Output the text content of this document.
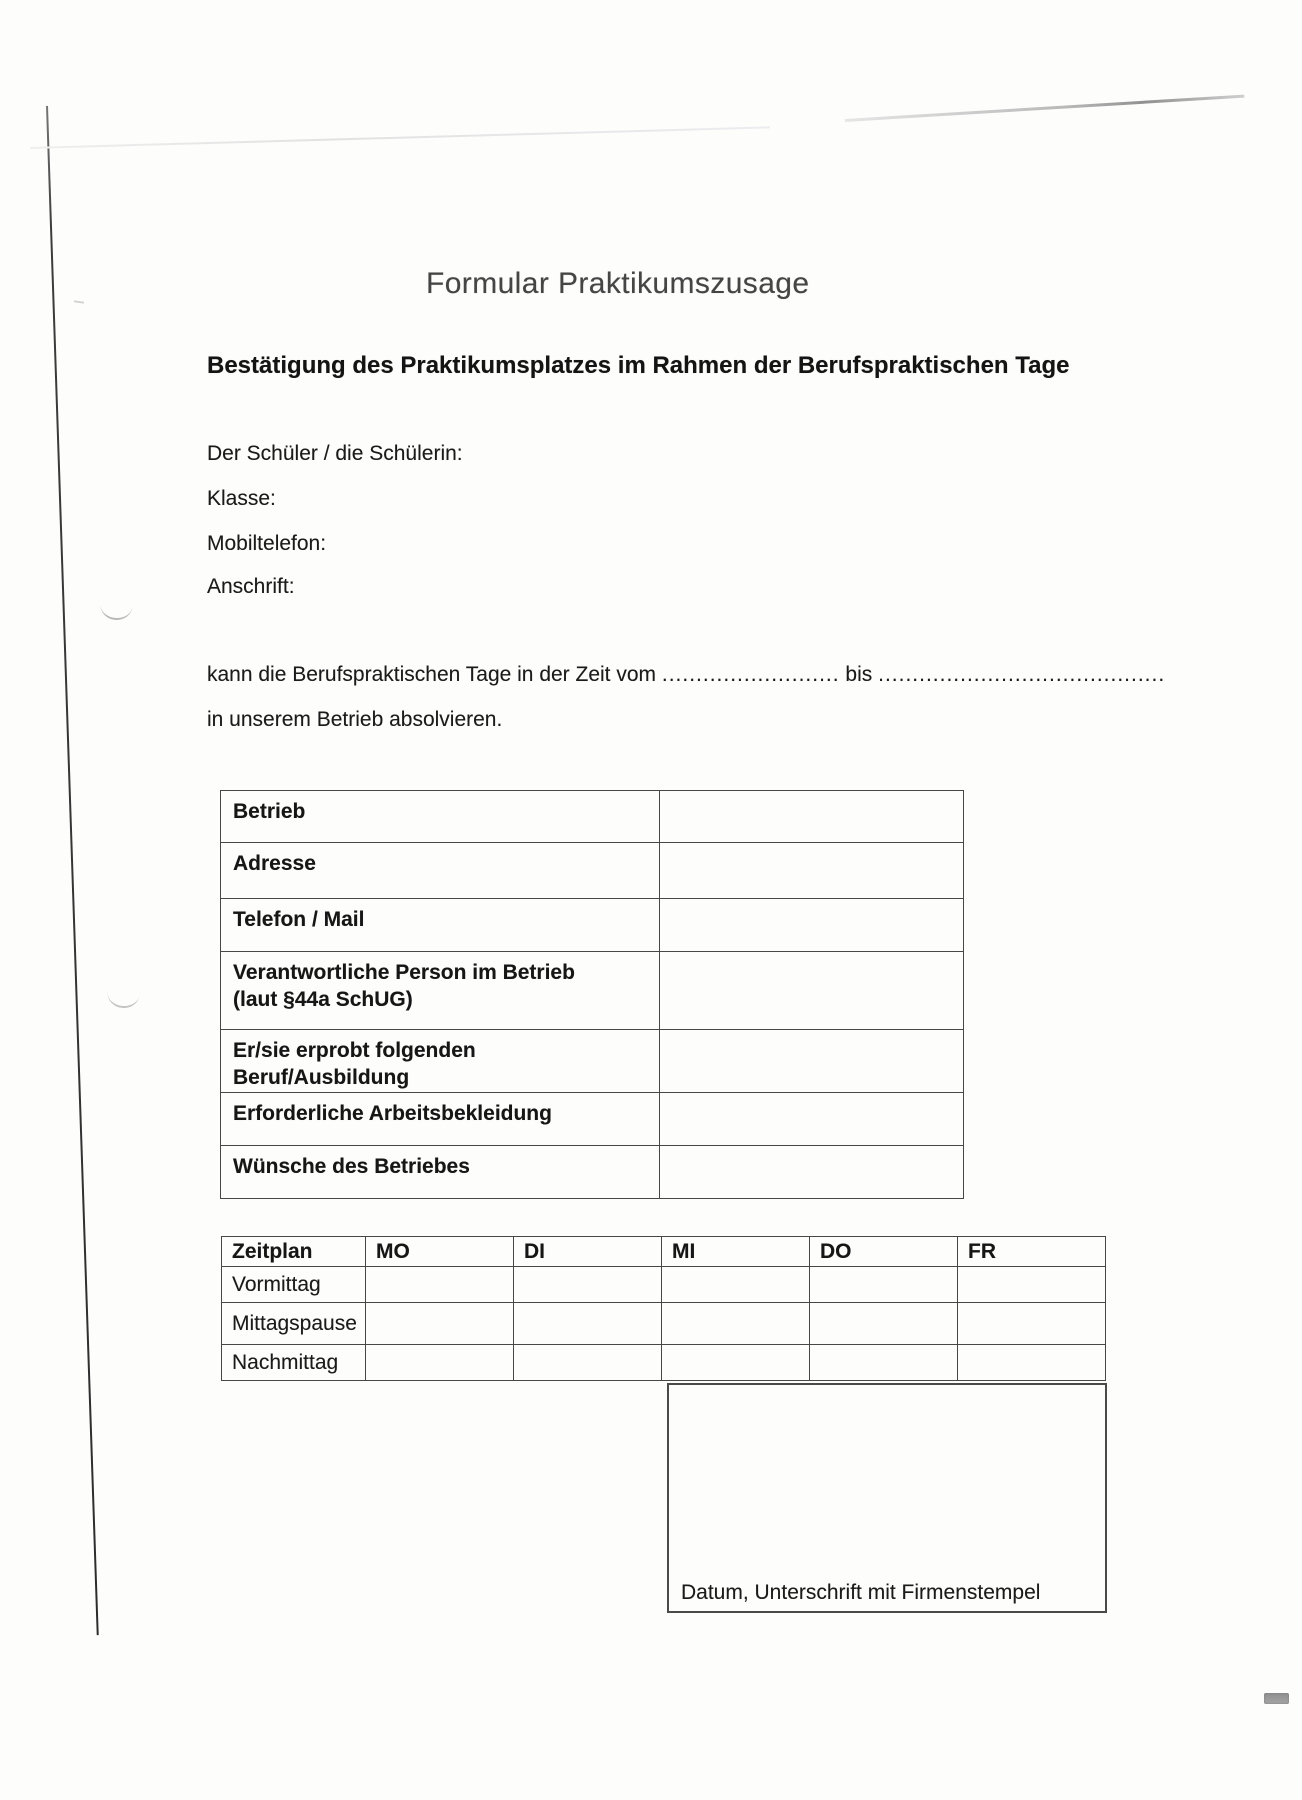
Formular Praktikumszusage
Bestätigung des Praktikumsplatzes im Rahmen der Berufspraktischen Tage
Der Schüler / die Schülerin:
Klasse:
Mobiltelefon:
Anschrift:
kann die Berufspraktischen Tage in der Zeit vom .......................... bis ..........................................
in unserem Betrieb absolvieren.
Betrieb	
Adresse	
Telefon / Mail	
Verantwortliche Person im Betrieb
(laut §44a SchUG)	

Er/sie erprobt folgenden Beruf/Ausbildung	
Erforderliche Arbeitsbekleidung	
Wünsche des Betriebes	
Zeitplan	MO	DI	MI	DO	FR
Vormittag					
Mittagspause					
Nachmittag					
Datum, Unterschrift mit Firmenstempel
